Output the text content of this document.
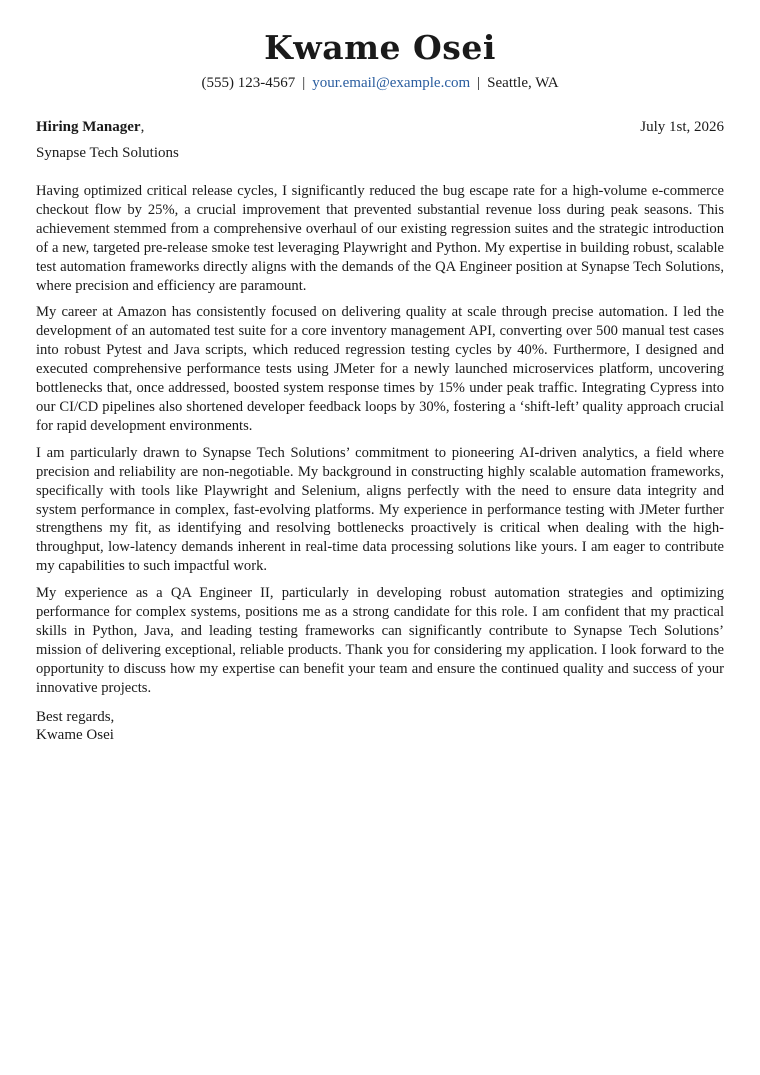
Kwame Osei
(555) 123-4567 | your.email@example.com | Seattle, WA
Hiring Manager,	July 1st, 2026
Synapse Tech Solutions

Having optimized critical release cycles, I significantly reduced the bug escape rate for a high-volume e-commerce checkout flow by 25%, a crucial improvement that prevented substantial revenue loss during peak seasons. This achievement stemmed from a comprehensive overhaul of our existing regression suites and the strategic introduction of a new, targeted pre-release smoke test leveraging Playwright and Python. My expertise in building robust, scalable test automation frameworks directly aligns with the demands of the QA Engineer position at Synapse Tech Solutions, where precision and efficiency are paramount.

My career at Amazon has consistently focused on delivering quality at scale through precise automation. I led the development of an automated test suite for a core inventory management API, converting over 500 manual test cases into robust Pytest and Java scripts, which reduced regression testing cycles by 40%. Furthermore, I designed and executed comprehensive performance tests using JMeter for a newly launched microservices platform, uncovering bottlenecks that, once addressed, boosted system response times by 15% under peak traffic. Integrating Cypress into our CI/CD pipelines also shortened developer feedback loops by 30%, fostering a ‘shift-left’ quality approach crucial for rapid development environments.

I am particularly drawn to Synapse Tech Solutions’ commitment to pioneering AI-driven analytics, a field where precision and reliability are non-negotiable. My background in constructing highly scalable automation frameworks, specifically with tools like Playwright and Selenium, aligns perfectly with the need to ensure data integrity and system performance in complex, fast-evolving platforms. My experience in performance testing with JMeter further strengthens my fit, as identifying and resolving bottlenecks proactively is critical when dealing with the high-throughput, low-latency demands inherent in real-time data processing solutions like yours. I am eager to contribute my capabilities to such impactful work.

My experience as a QA Engineer II, particularly in developing robust automation strategies and optimizing performance for complex systems, positions me as a strong candidate for this role. I am confident that my practical skills in Python, Java, and leading testing frameworks can significantly contribute to Synapse Tech Solutions’ mission of delivering exceptional, reliable products. Thank you for considering my application. I look forward to the opportunity to discuss how my expertise can benefit your team and ensure the continued quality and success of your innovative projects.

Best regards,
Kwame Osei
